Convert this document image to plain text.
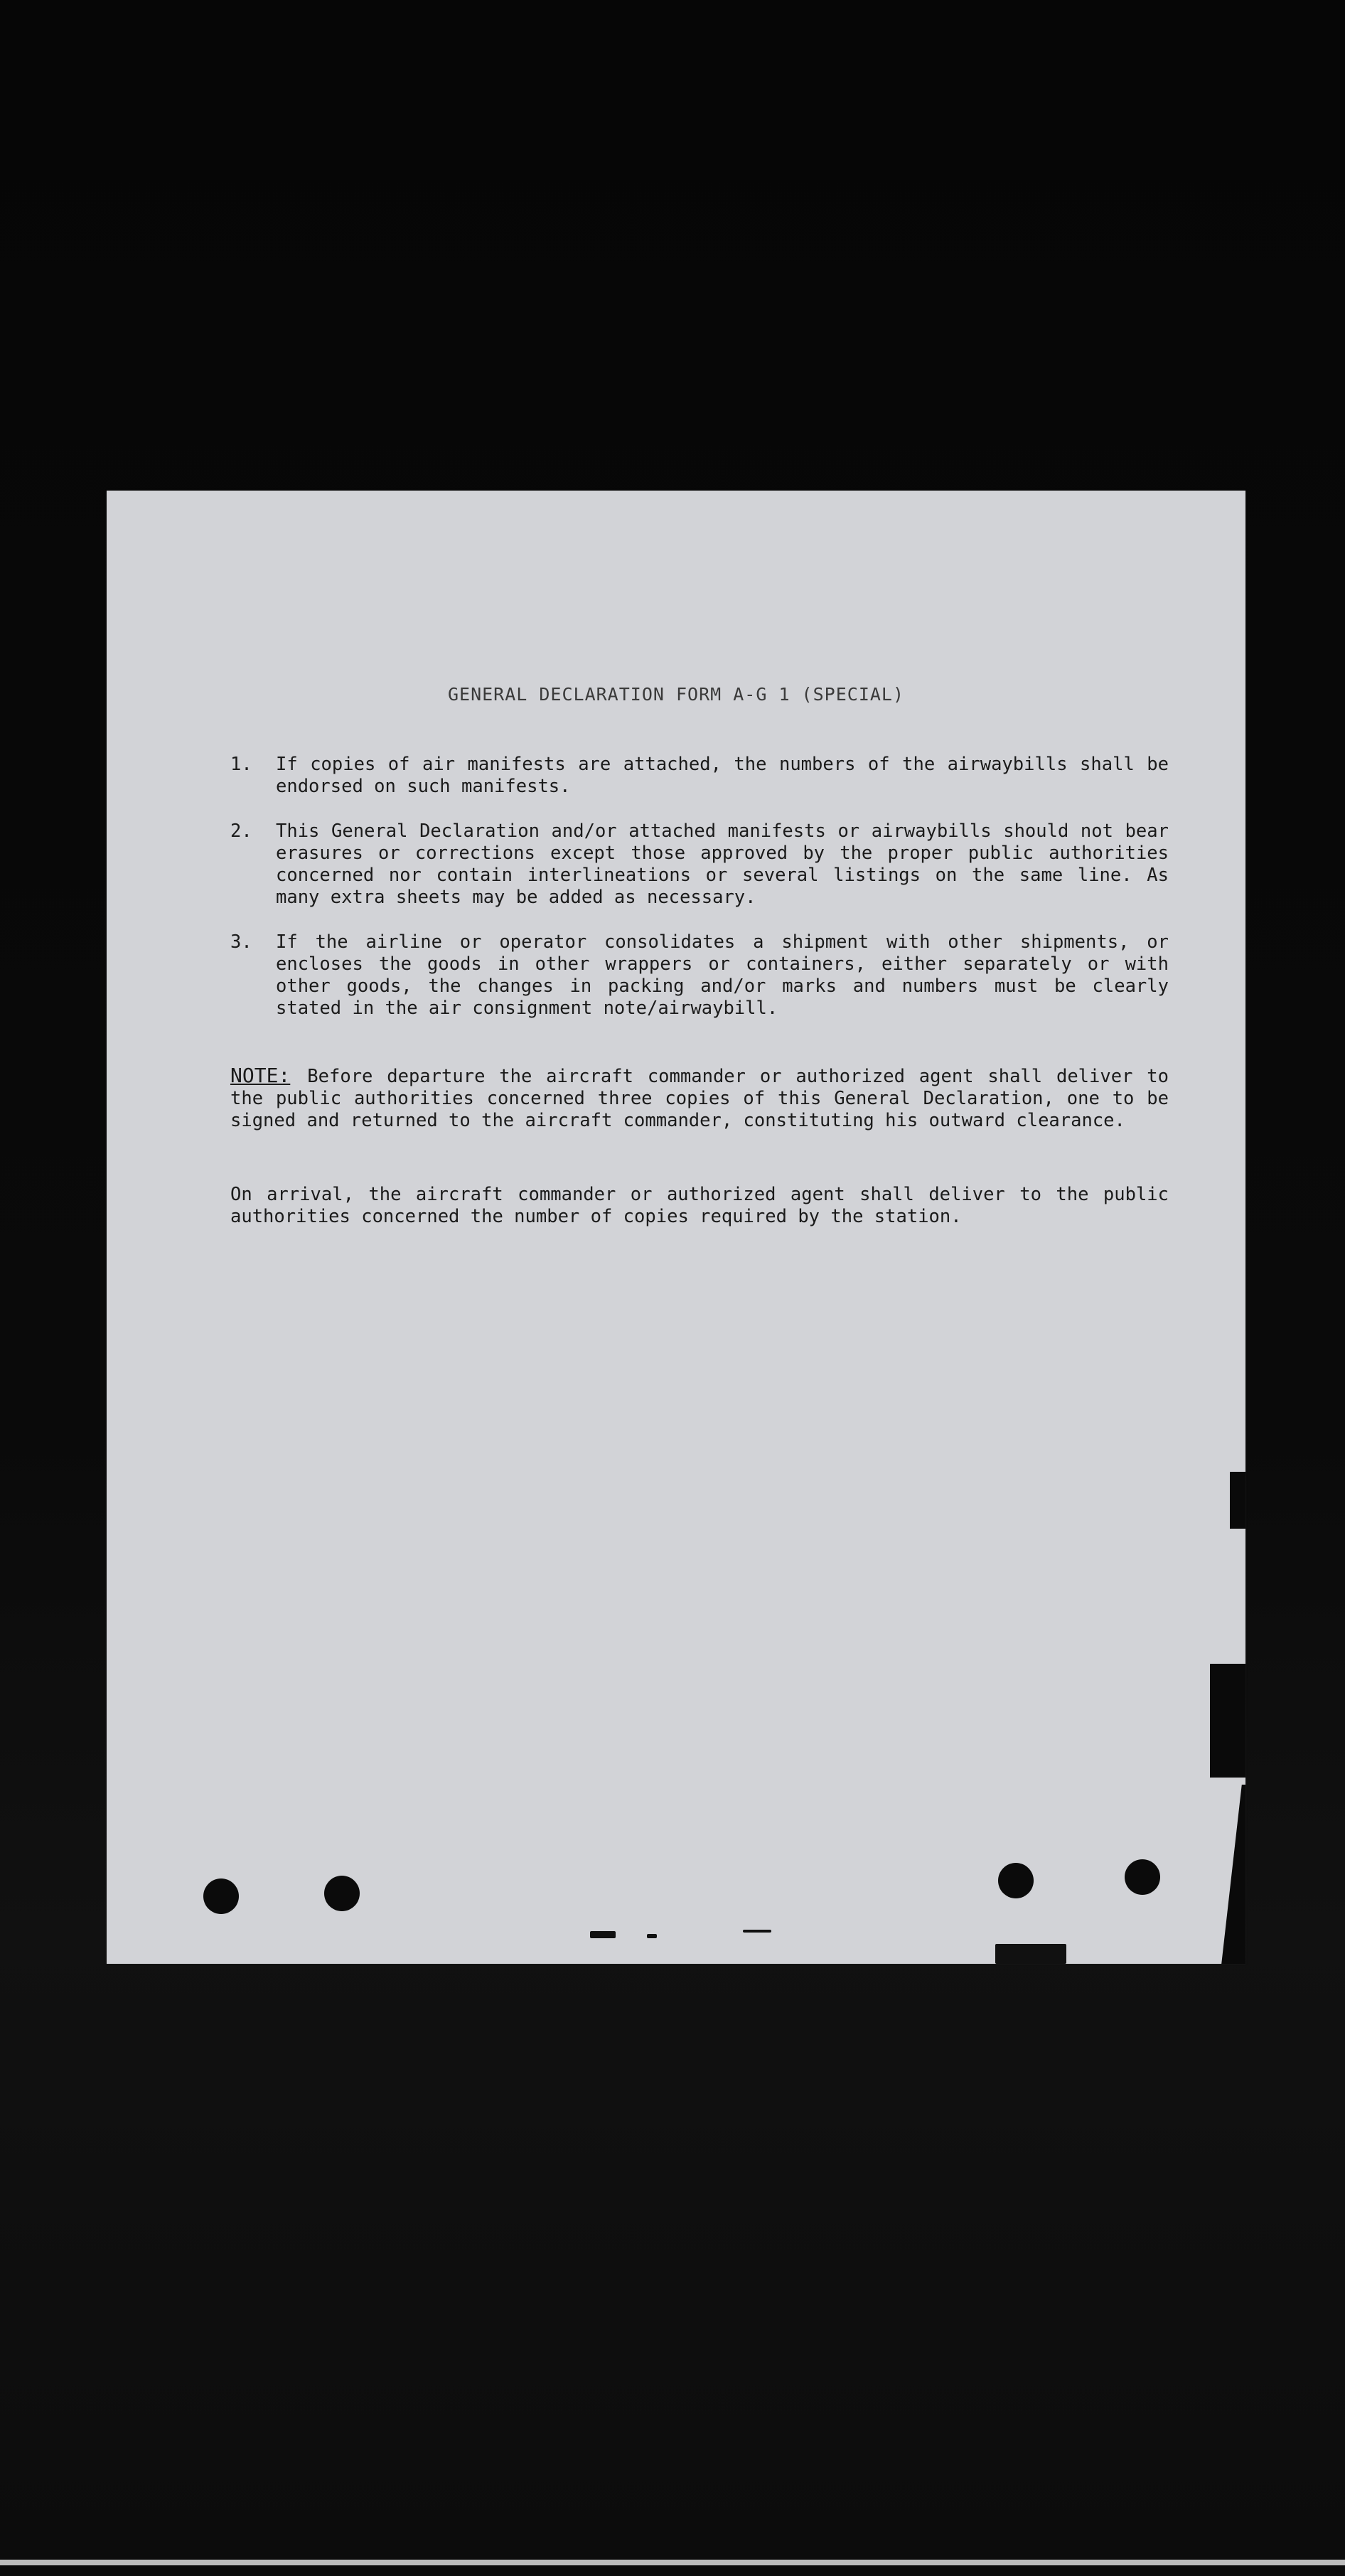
GENERAL DECLARATION FORM A-G 1 (SPECIAL)
1. If copies of air manifests are attached, the numbers of the airwaybills shall be endorsed on such manifests.
2. This General Declaration and/or attached manifests or airwaybills should not bear erasures or corrections except those approved by the proper public authorities concerned nor contain interlineations or several listings on the same line. As many extra sheets may be added as necessary.
3. If the airline or operator consolidates a shipment with other shipments, or encloses the goods in other wrappers or containers, either separately or with other goods, the changes in packing and/or marks and numbers must be clearly stated in the air consignment note/airwaybill.

NOTE: Before departure the aircraft commander or authorized agent shall deliver to the public authorities concerned three copies of this General Declaration, one to be signed and returned to the aircraft commander, constituting his outward clearance.

On arrival, the aircraft commander or authorized agent shall deliver to the public authorities concerned the number of copies required by the station.
